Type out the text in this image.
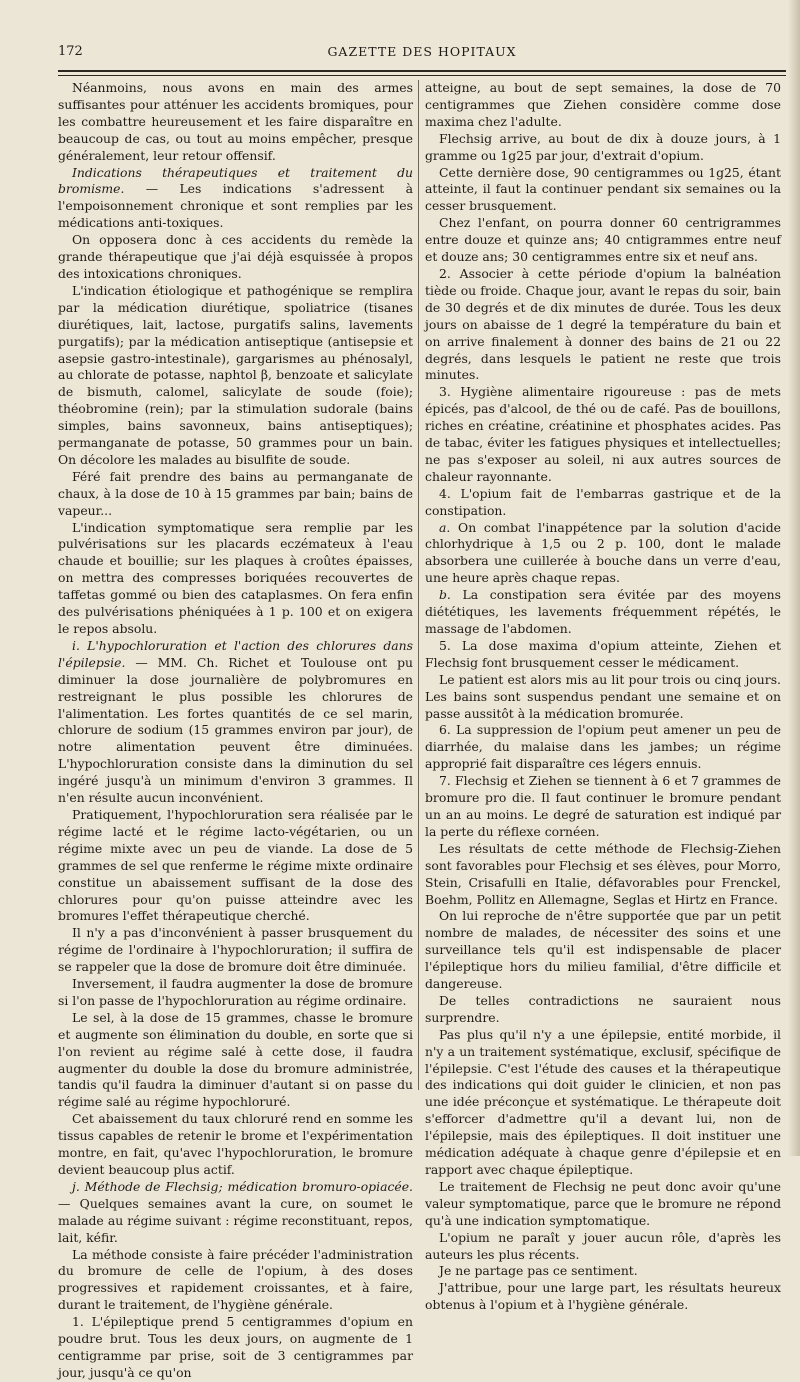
172	GAZETTE DES HOPITAUX

Néanmoins, nous avons en main des armes suffisantes pour atténuer les accidents bromiques, pour les combattre heureusement et les faire disparaître en beaucoup de cas, ou tout au moins empêcher, presque généralement, leur retour offensif.

Indications thérapeutiques et traitement du bromisme. — Les indications s'adressent à l'empoisonnement chronique et sont remplies par les médications anti-toxiques.

On opposera donc à ces accidents du remède la grande thérapeutique que j'ai déjà esquissée à propos des intoxications chroniques.

L'indication étiologique et pathogénique se remplira par la médication diurétique, spoliatrice (tisanes diurétiques, lait, lactose, purgatifs salins, lavements purgatifs); par la médication antiseptique (antisepsie et asepsie gastro-intestinale), gargarismes au phénosalyl, au chlorate de potasse, naphtol β, benzoate et salicylate de bismuth, calomel, salicylate de soude (foie); théobromine (rein); par la stimulation sudorale (bains simples, bains savonneux, bains antiseptiques); permanganate de potasse, 50 grammes pour un bain. On décolore les malades au bisulfite de soude.

Féré fait prendre des bains au permanganate de chaux, à la dose de 10 à 15 grammes par bain; bains de vapeur...

L'indication symptomatique sera remplie par les pulvérisations sur les placards eczémateux à l'eau chaude et bouillie; sur les plaques à croûtes épaisses, on mettra des compresses boriquées recouvertes de taffetas gommé ou bien des cataplasmes. On fera enfin des pulvérisations phéniquées à 1 p. 100 et on exigera le repos absolu.

i. L'hypochloruration et l'action des chlorures dans l'épilepsie. — MM. Ch. Richet et Toulouse ont pu diminuer la dose journalière de polybromures en restreignant le plus possible les chlorures de l'alimentation. Les fortes quantités de ce sel marin, chlorure de sodium (15 grammes environ par jour), de notre alimentation peuvent être diminuées. L'hypochloruration consiste dans la diminution du sel ingéré jusqu'à un minimum d'environ 3 grammes. Il n'en résulte aucun inconvénient.

Pratiquement, l'hypochloruration sera réalisée par le régime lacté et le régime lacto-végétarien, ou un régime mixte avec un peu de viande. La dose de 5 grammes de sel que renferme le régime mixte ordinaire constitue un abaissement suffisant de la dose des chlorures pour qu'on puisse atteindre avec les bromures l'effet thérapeutique cherché.

Il n'y a pas d'inconvénient à passer brusquement du régime de l'ordinaire à l'hypochloruration; il suffira de se rappeler que la dose de bromure doit être diminuée.

Inversement, il faudra augmenter la dose de bromure si l'on passe de l'hypochloruration au régime ordinaire.

Le sel, à la dose de 15 grammes, chasse le bromure et augmente son élimination du double, en sorte que si l'on revient au régime salé à cette dose, il faudra augmenter du double la dose du bromure administrée, tandis qu'il faudra la diminuer d'autant si on passe du régime salé au régime hypochloruré.

Cet abaissement du taux chloruré rend en somme les tissus capables de retenir le brome et l'expérimentation montre, en fait, qu'avec l'hypochloruration, le bromure devient beaucoup plus actif.

j. Méthode de Flechsig; médication bromuro-opiacée. — Quelques semaines avant la cure, on soumet le malade au régime suivant : régime reconstituant, repos, lait, kéfir.

La méthode consiste à faire précéder l'administration du bromure de celle de l'opium, à des doses progressives et rapidement croissantes, et à faire, durant le traitement, de l'hygiène générale.

1. L'épileptique prend 5 centigrammes d'opium en poudre brut. Tous les deux jours, on augmente de 1 centigramme par prise, soit de 3 centigrammes par jour, jusqu'à ce qu'on

atteigne, au bout de sept semaines, la dose de 70 centigrammes que Ziehen considère comme dose maxima chez l'adulte.

Flechsig arrive, au bout de dix à douze jours, à 1 gramme ou 1g25 par jour, d'extrait d'opium.

Cette dernière dose, 90 centigrammes ou 1g25, étant atteinte, il faut la continuer pendant six semaines ou la cesser brusquement.

Chez l'enfant, on pourra donner 60 centrigrammes entre douze et quinze ans; 40 cntigrammes entre neuf et douze ans; 30 centigrammes entre six et neuf ans.

2. Associer à cette période d'opium la balnéation tiède ou froide. Chaque jour, avant le repas du soir, bain de 30 degrés et de dix minutes de durée. Tous les deux jours on abaisse de 1 degré la température du bain et on arrive finalement à donner des bains de 21 ou 22 degrés, dans lesquels le patient ne reste que trois minutes.

3. Hygiène alimentaire rigoureuse : pas de mets épicés, pas d'alcool, de thé ou de café. Pas de bouillons, riches en créatine, créatinine et phosphates acides. Pas de tabac, éviter les fatigues physiques et intellectuelles; ne pas s'exposer au soleil, ni aux autres sources de chaleur rayonnante.

4. L'opium fait de l'embarras gastrique et de la constipation.

a. On combat l'inappétence par la solution d'acide chlorhydrique à 1,5 ou 2 p. 100, dont le malade absorbera une cuillerée à bouche dans un verre d'eau, une heure après chaque repas.

b. La constipation sera évitée par des moyens diététiques, les lavements fréquemment répétés, le massage de l'abdomen.

5. La dose maxima d'opium atteinte, Ziehen et Flechsig font brusquement cesser le médicament.

Le patient est alors mis au lit pour trois ou cinq jours. Les bains sont suspendus pendant une semaine et on passe aussitôt à la médication bromurée.

6. La suppression de l'opium peut amener un peu de diarrhée, du malaise dans les jambes; un régime approprié fait disparaître ces légers ennuis.

7. Flechsig et Ziehen se tiennent à 6 et 7 grammes de bromure pro die. Il faut continuer le bromure pendant un an au moins. Le degré de saturation est indiqué par la perte du réflexe cornéen.

Les résultats de cette méthode de Flechsig-Ziehen sont favorables pour Flechsig et ses élèves, pour Morro, Stein, Crisafulli en Italie, défavorables pour Frenckel, Boehm, Pollitz en Allemagne, Seglas et Hirtz en France.

On lui reproche de n'être supportée que par un petit nombre de malades, de nécessiter des soins et une surveillance tels qu'il est indispensable de placer l'épileptique hors du milieu familial, d'être difficile et dangereuse.

De telles contradictions ne sauraient nous surprendre.

Pas plus qu'il n'y a une épilepsie, entité morbide, il n'y a un traitement systématique, exclusif, spécifique de l'épilepsie. C'est l'étude des causes et la thérapeutique des indications qui doit guider le clinicien, et non pas une idée préconçue et systématique. Le thérapeute doit s'efforcer d'admettre qu'il a devant lui, non de l'épilepsie, mais des épileptiques. Il doit instituer une médication adéquate à chaque genre d'épilepsie et en rapport avec chaque épileptique.

Le traitement de Flechsig ne peut donc avoir qu'une valeur symptomatique, parce que le bromure ne répond qu'à une indication symptomatique.

L'opium ne paraît y jouer aucun rôle, d'après les auteurs les plus récents.

Je ne partage pas ce sentiment.

J'attribue, pour une large part, les résultats heureux obtenus à l'opium et à l'hygiène générale.
